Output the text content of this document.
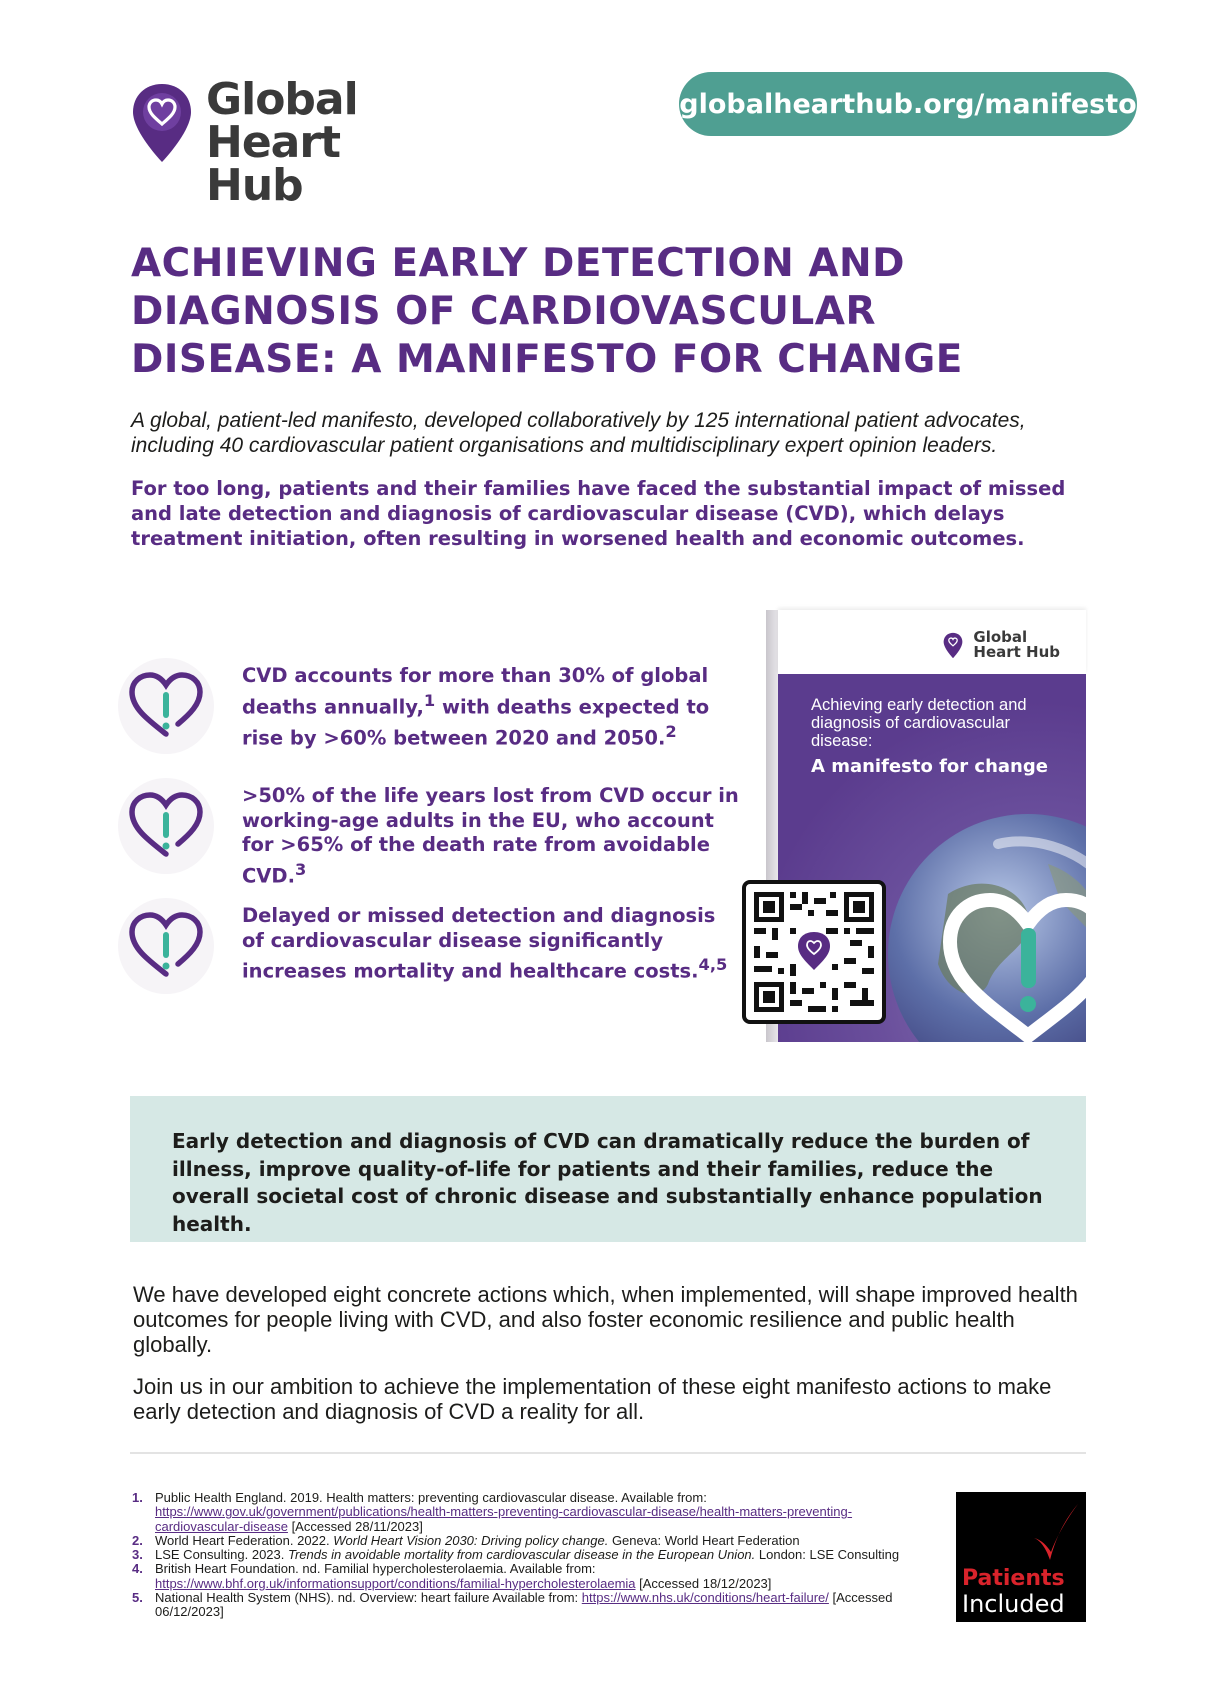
Global
Heart Hub
globalhearthub.org/manifesto
ACHIEVING EARLY DETECTION AND DIAGNOSIS OF CARDIOVASCULAR DISEASE: A MANIFESTO FOR CHANGE

A global, patient-led manifesto, developed collaboratively by 125 international patient advocates, including 40 cardiovascular patient organisations and multidisciplinary expert opinion leaders.

For too long, patients and their families have faced the substantial impact of missed and late detection and diagnosis of cardiovascular disease (CVD), which delays treatment initiation, often resulting in worsened health and economic outcomes.

CVD accounts for more than 30% of global deaths annually,$^1$ with deaths expected to rise by >60% between 2020 and 2050.$^2$
>50% of the life years lost from CVD occur in working-age adults in the EU, who account for >65% of the death rate from avoidable CVD.$^3$
Delayed or missed detection and diagnosis of cardiovascular disease significantly increases mortality and healthcare costs.$^{4,5}$
Global
Heart Hub
Achieving early detection and diagnosis of cardiovascular disease:
A manifesto for change

Early detection and diagnosis of CVD can dramatically reduce the burden of illness, improve quality-of-life for patients and their families, reduce the overall societal cost of chronic disease and substantially enhance population health.

We have developed eight concrete actions which, when implemented, will shape improved health outcomes for people living with CVD, and also foster economic resilience and public health globally.

Join us in our ambition to achieve the implementation of these eight manifesto actions to make early detection and diagnosis of CVD a reality for all.

1. Public Health England. 2019. Health matters: preventing cardiovascular disease. Available from: https://www.gov.uk/government/publications/health-matters-preventing-cardiovascular-disease/health-matters-preventing-cardiovascular-disease [Accessed 28/11/2023]
2. World Heart Federation. 2022. World Heart Vision 2030: Driving policy change. Geneva: World Heart Federation
3. LSE Consulting. 2023. Trends in avoidable mortality from cardiovascular disease in the European Union. London: LSE Consulting
4. British Heart Foundation. nd. Familial hypercholesterolaemia. Available from: https://www.bhf.org.uk/informationsupport/conditions/familial-hypercholesterolaemia [Accessed 18/12/2023]
5. National Health System (NHS). nd. Overview: heart failure Available from: https://www.nhs.uk/conditions/heart-failure/ [Accessed 06/12/2023]
Patients
Included
